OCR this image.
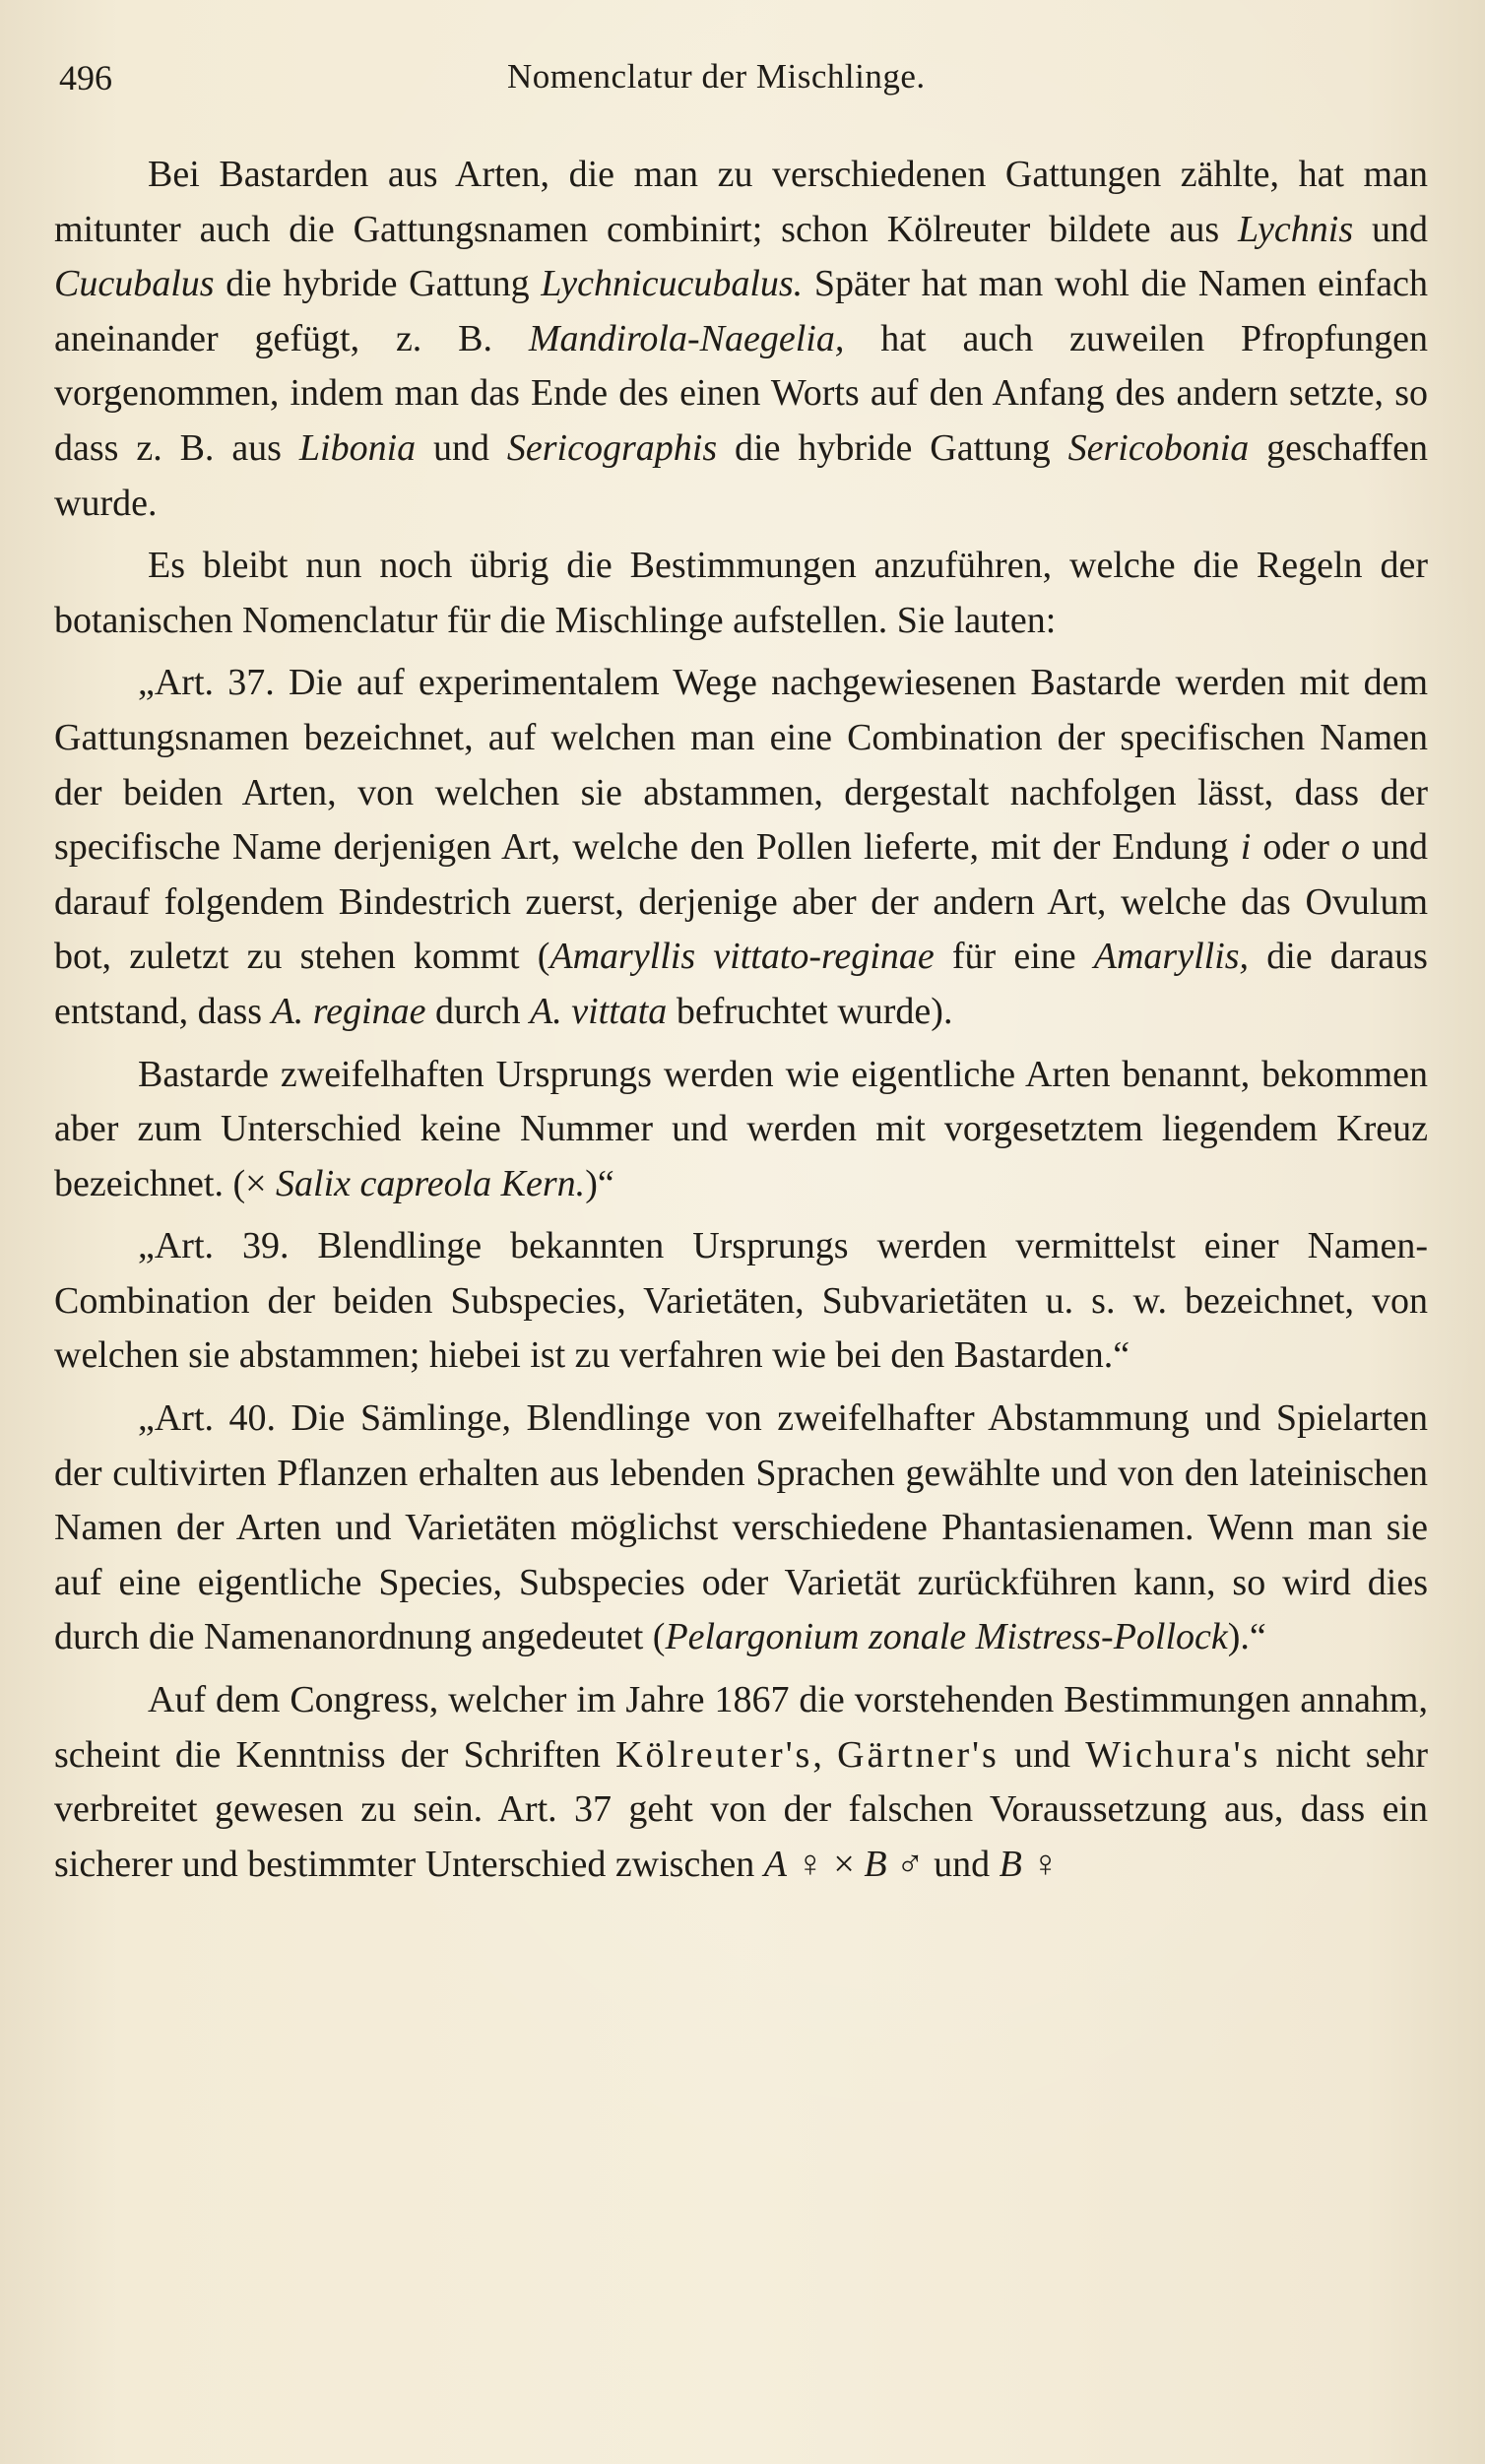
496	Nomenclatur der Mischlinge.

Bei Bastarden aus Arten, die man zu verschiedenen Gattungen zählte, hat man mitunter auch die Gattungsnamen combinirt; schon Kölreuter bildete aus Lychnis und Cucubalus die hybride Gattung Lychnicucubalus. Später hat man wohl die Namen einfach aneinander gefügt, z. B. Mandirola-Naegelia, hat auch zuweilen Pfropfungen vorgenommen, indem man das Ende des einen Worts auf den Anfang des andern setzte, so dass z. B. aus Libonia und Sericographis die hybride Gattung Sericobonia geschaffen wurde.

Es bleibt nun noch übrig die Bestimmungen anzuführen, welche die Regeln der botanischen Nomenclatur für die Mischlinge aufstellen. Sie lauten:

„Art. 37. Die auf experimentalem Wege nachgewiesenen Bastarde werden mit dem Gattungsnamen bezeichnet, auf welchen man eine Combination der specifischen Namen der beiden Arten, von welchen sie abstammen, dergestalt nachfolgen lässt, dass der specifische Name derjenigen Art, welche den Pollen lieferte, mit der Endung i oder o und darauf folgendem Bindestrich zuerst, derjenige aber der andern Art, welche das Ovulum bot, zuletzt zu stehen kommt (Amaryllis vittato-reginae für eine Amaryllis, die daraus entstand, dass A. reginae durch A. vittata befruchtet wurde).

Bastarde zweifelhaften Ursprungs werden wie eigentliche Arten benannt, bekommen aber zum Unterschied keine Nummer und werden mit vorgesetztem liegendem Kreuz bezeichnet. (× Salix capreola Kern.)“

„Art. 39. Blendlinge bekannten Ursprungs werden vermittelst einer Namen-Combination der beiden Subspecies, Varietäten, Subvarietäten u. s. w. bezeichnet, von welchen sie abstammen; hiebei ist zu verfahren wie bei den Bastarden.“

„Art. 40. Die Sämlinge, Blendlinge von zweifelhafter Abstammung und Spielarten der cultivirten Pflanzen erhalten aus lebenden Sprachen gewählte und von den lateinischen Namen der Arten und Varietäten möglichst verschiedene Phantasienamen. Wenn man sie auf eine eigentliche Species, Subspecies oder Varietät zurückführen kann, so wird dies durch die Namenanordnung angedeutet (Pelargonium zonale Mistress-Pollock).“

Auf dem Congress, welcher im Jahre 1867 die vorstehenden Bestimmungen annahm, scheint die Kenntniss der Schriften Kölreuter's, Gärtner's und Wichura's nicht sehr verbreitet gewesen zu sein. Art. 37 geht von der falschen Voraussetzung aus, dass ein sicherer und bestimmter Unterschied zwischen A ♀ × B ♂ und B ♀
